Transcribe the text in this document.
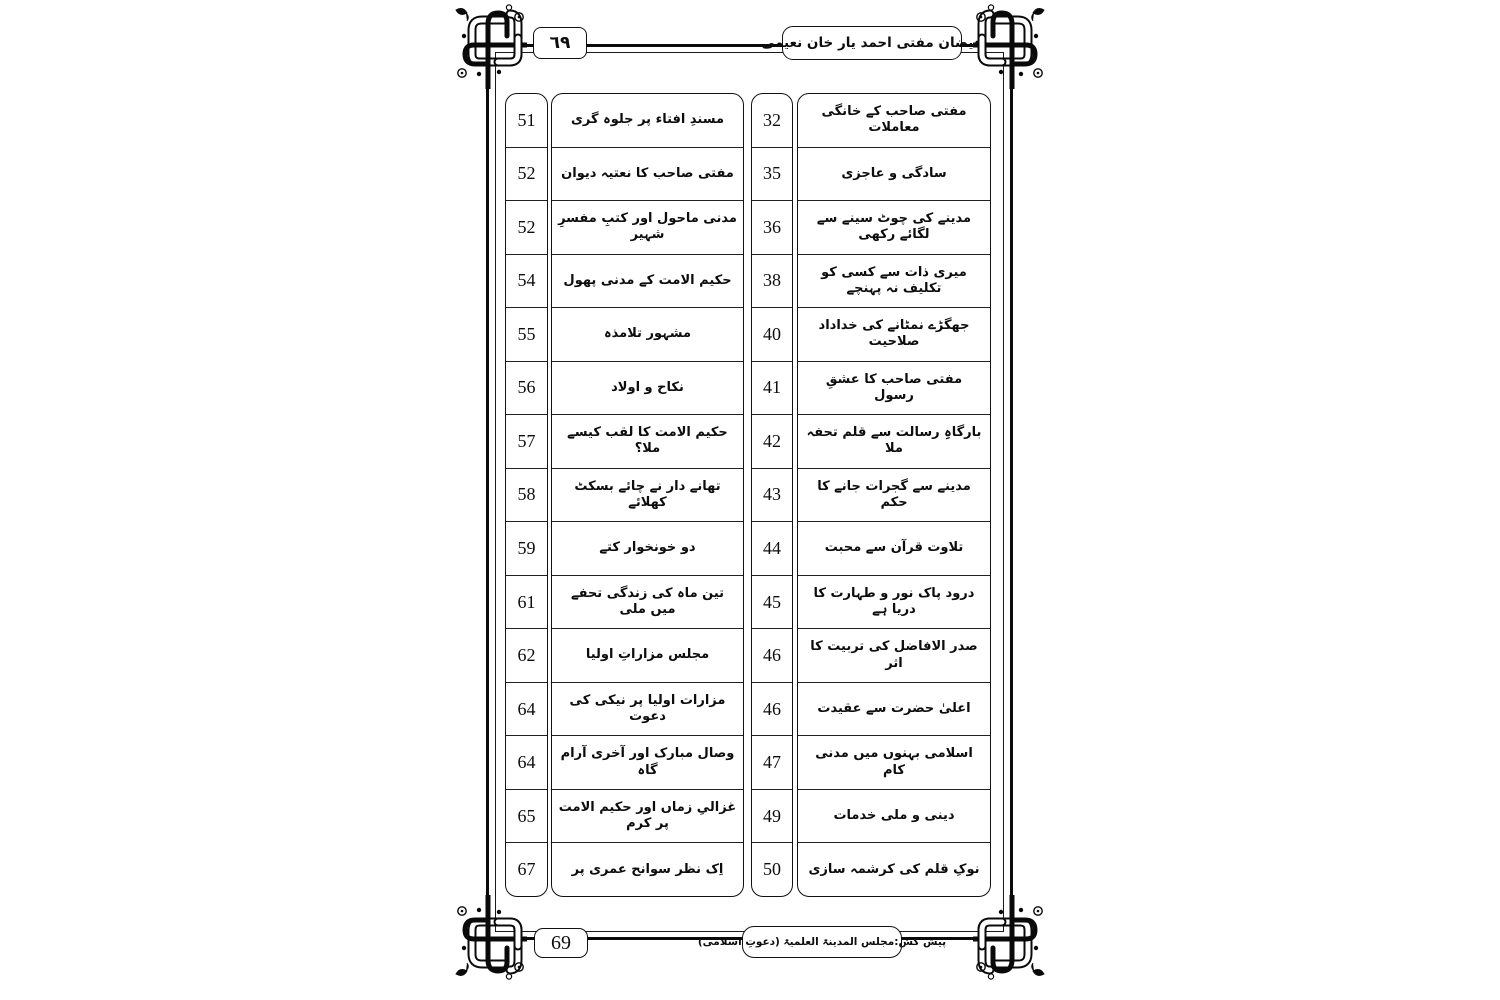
٦٩	فیضان مفتی احمد یار خان نعیمی
51
52
52
54
55
56
57
58
59
61
62
64
64
65
67
مسندِ افتاء پر جلوہ گری
مفتی صاحب کا نعتیہ دیوان
مدنی ماحول اور کتبِ مفسرِ شہیر
حکیم الامت کے مدنی پھول
مشہور تلامذہ
نکاح و اولاد
حکیم الامت کا لقب کیسے ملا؟
تھانے دار نے چائے بسکٹ کھلائے
دو خونخوار کتے
تین ماہ کی زندگی تحفے میں ملی
مجلس مزاراتِ اولیا
مزارات اولیا پر نیکی کی دعوت
وصال مبارک اور آخری آرام گاہ
غزالیِ زماں اور حکیم الامت پر کرم
اِک نظر سوانح عمری پر
32
35
36
38
40
41
42
43
44
45
46
46
47
49
50
مفتی صاحب کے خانگی معاملات
سادگی و عاجزی
مدینے کی چوٹ سینے سے لگائے رکھی
میری ذات سے کسی کو تکلیف نہ پہنچے
جھگڑے نمٹانے کی خداداد صلاحیت
مفتی صاحب کا عشقِ رسول
بارگاہِ رسالت سے قلم تحفہ ملا
مدینے سے گجرات جانے کا حکم
تلاوت قرآن سے محبت
درود پاک نور و طہارت کا دریا ہے
صدر الافاضل کی تربیت کا اثر
اعلیٰ حضرت سے عقیدت
اسلامی بہنوں میں مدنی کام
دینی و ملی خدمات
نوکِ قلم کی کرشمہ سازی
69	پیش کش:مجلس المدینۃ العلمیۃ (دعوتِ اسلامی)
